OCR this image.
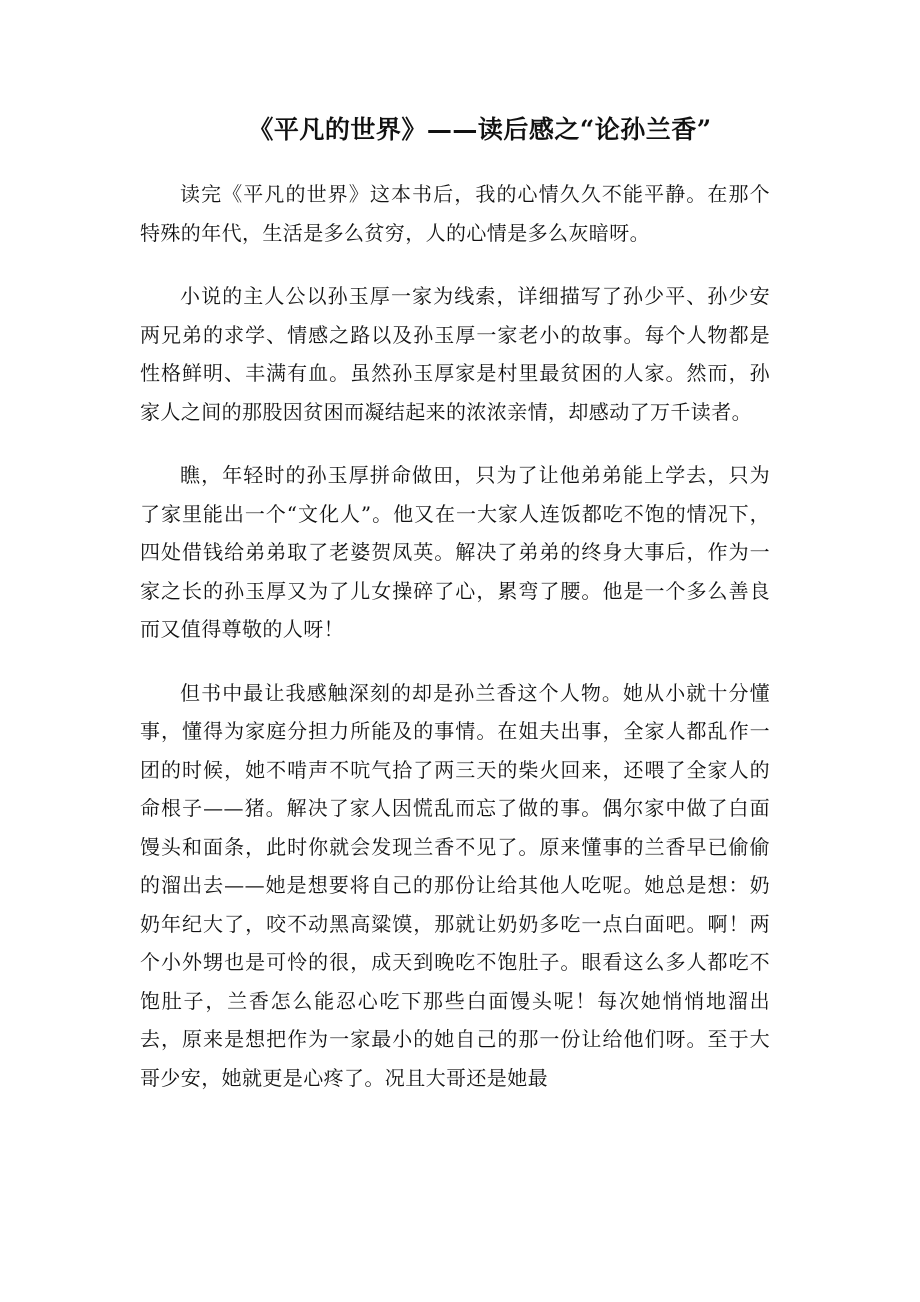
《平凡的世界》——读后感之“论孙兰香”

读完《平凡的世界》这本书后，我的心情久久不能平静。在那个特殊的年代，生活是多么贫穷，人的心情是多么灰暗呀。

小说的主人公以孙玉厚一家为线索，详细描写了孙少平、孙少安两兄弟的求学、情感之路以及孙玉厚一家老小的故事。每个人物都是性格鲜明、丰满有血。虽然孙玉厚家是村里最贫困的人家。然而，孙家人之间的那股因贫困而凝结起来的浓浓亲情，却感动了万千读者。

瞧，年轻时的孙玉厚拼命做田，只为了让他弟弟能上学去，只为了家里能出一个“文化人”。他又在一大家人连饭都吃不饱的情况下，四处借钱给弟弟取了老婆贺凤英。解决了弟弟的终身大事后，作为一家之长的孙玉厚又为了儿女操碎了心，累弯了腰。他是一个多么善良而又值得尊敬的人呀！

但书中最让我感触深刻的却是孙兰香这个人物。她从小就十分懂事，懂得为家庭分担力所能及的事情。在姐夫出事，全家人都乱作一团的时候，她不啃声不吭气拾了两三天的柴火回来，还喂了全家人的命根子——猪。解决了家人因慌乱而忘了做的事。偶尔家中做了白面馒头和面条，此时你就会发现兰香不见了。原来懂事的兰香早已偷偷的溜出去——她是想要将自己的那份让给其他人吃呢。她总是想：奶奶年纪大了，咬不动黑高粱馍，那就让奶奶多吃一点白面吧。啊！两个小外甥也是可怜的很，成天到晚吃不饱肚子。眼看这么多人都吃不饱肚子，兰香怎么能忍心吃下那些白面馒头呢！每次她悄悄地溜出去，原来是想把作为一家最小的她自己的那一份让给他们呀。至于大哥少安，她就更是心疼了。况且大哥还是她最
